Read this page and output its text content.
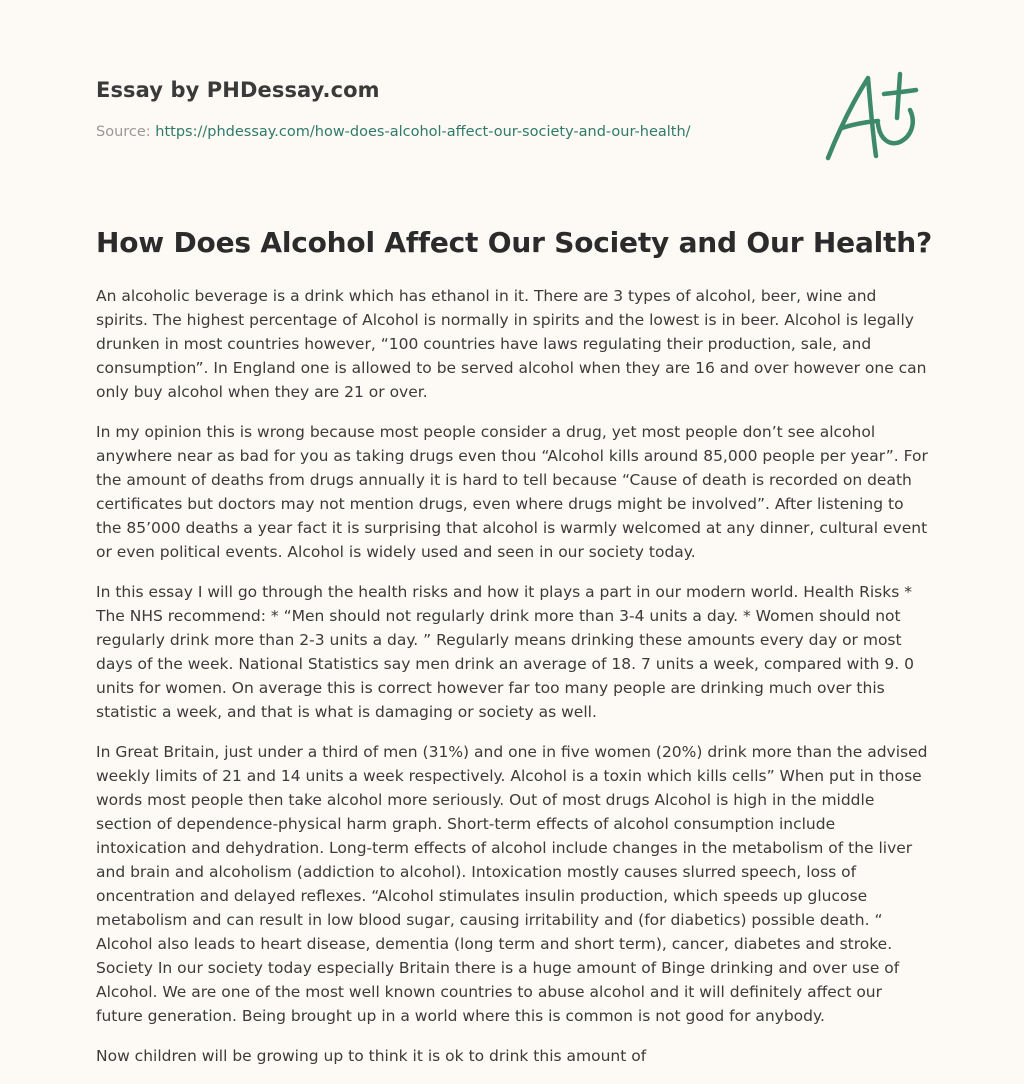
Essay by PHDessay.com
Source: https://phdessay.com/how-does-alcohol-affect-our-society-and-our-health/
How Does Alcohol Affect Our Society and Our Health?

An alcoholic beverage is a drink which has ethanol in it. There are 3 types of alcohol, beer, wine and spirits. The highest percentage of Alcohol is normally in spirits and the lowest is in beer. Alcohol is legally drunken in most countries however, “100 countries have laws regulating their production, sale, and consumption”. In England one is allowed to be served alcohol when they are 16 and over however one can only buy alcohol when they are 21 or over.

In my opinion this is wrong because most people consider a drug, yet most people don’t see alcohol anywhere near as bad for you as taking drugs even thou “Alcohol kills around 85,000 people per year”. For the amount of deaths from drugs annually it is hard to tell because “Cause of death is recorded on death certificates but doctors may not mention drugs, even where drugs might be involved”. After listening to the 85’000 deaths a year fact it is surprising that alcohol is warmly welcomed at any dinner, cultural event or even political events. Alcohol is widely used and seen in our society today.

In this essay I will go through the health risks and how it plays a part in our modern world. Health Risks * The NHS recommend: * “Men should not regularly drink more than 3-4 units a day. * Women should not regularly drink more than 2-3 units a day. ” Regularly means drinking these amounts every day or most days of the week. National Statistics say men drink an average of 18. 7 units a week, compared with 9. 0 units for women. On average this is correct however far too many people are drinking much over this statistic a week, and that is what is damaging or society as well.

In Great Britain, just under a third of men (31%) and one in five women (20%) drink more than the advised weekly limits of 21 and 14 units a week respectively. Alcohol is a toxin which kills cells” When put in those words most people then take alcohol more seriously. Out of most drugs Alcohol is high in the middle section of dependence-physical harm graph. Short-term effects of alcohol consumption include intoxication and dehydration. Long-term effects of alcohol include changes in the metabolism of the liver and brain and alcoholism (addiction to alcohol). Intoxication mostly causes slurred speech, loss of oncentration and delayed reflexes. “Alcohol stimulates insulin production, which speeds up glucose metabolism and can result in low blood sugar, causing irritability and (for diabetics) possible death. “ Alcohol also leads to heart disease, dementia (long term and short term), cancer, diabetes and stroke. Society In our society today especially Britain there is a huge amount of Binge drinking and over use of Alcohol. We are one of the most well known countries to abuse alcohol and it will definitely affect our future generation. Being brought up in a world where this is common is not good for anybody.

Now children will be growing up to think it is ok to drink this amount of
